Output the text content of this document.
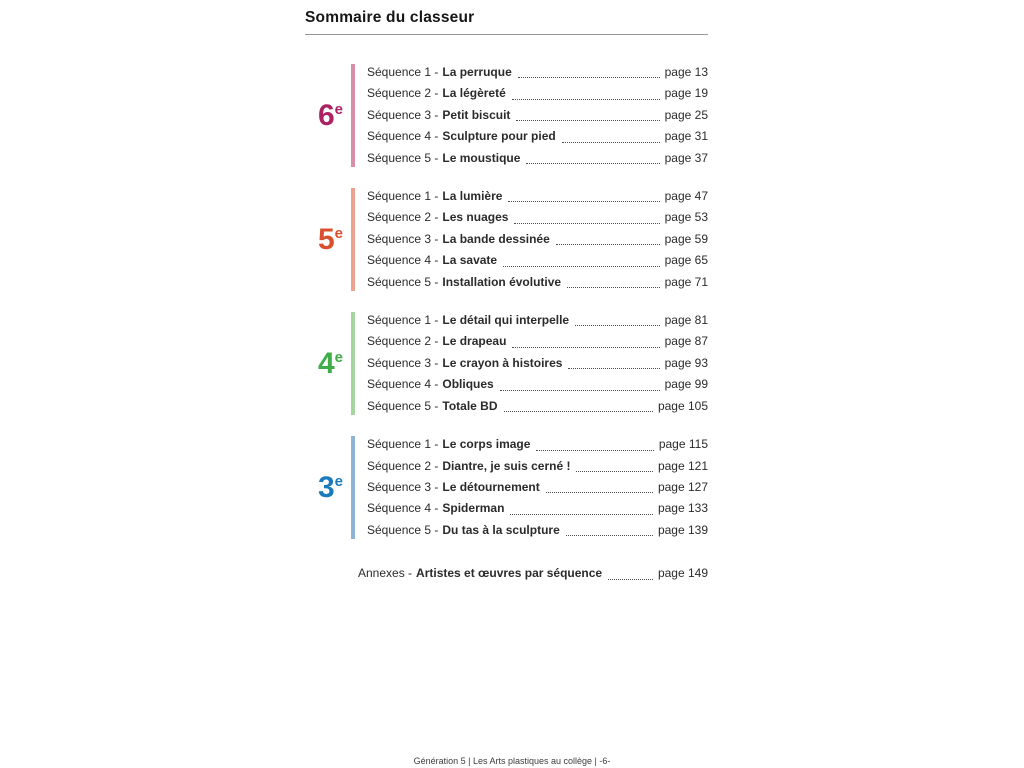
Sommaire du classeur
6e
Séquence 1 - La perruque	page 13
Séquence 2 - La légèreté	page 19
Séquence 3 - Petit biscuit	page 25
Séquence 4 - Sculpture pour pied	page 31
Séquence 5 - Le moustique	page 37
5e
Séquence 1 - La lumière	page 47
Séquence 2 - Les nuages	page 53
Séquence 3 - La bande dessinée	page 59
Séquence 4 - La savate	page 65
Séquence 5 - Installation évolutive	page 71
4e
Séquence 1 - Le détail qui interpelle	page 81
Séquence 2 - Le drapeau	page 87
Séquence 3 - Le crayon à histoires	page 93
Séquence 4 - Obliques	page 99
Séquence 5 - Totale BD	page 105
3e
Séquence 1 - Le corps image	page 115
Séquence 2 - Diantre, je suis cerné !	page 121
Séquence 3 - Le détournement	page 127
Séquence 4 - Spiderman	page 133
Séquence 5 - Du tas à la sculpture	page 139
Annexes - Artistes et œuvres par séquence	page 149
Génération 5 | Les Arts plastiques au collège | -6-
